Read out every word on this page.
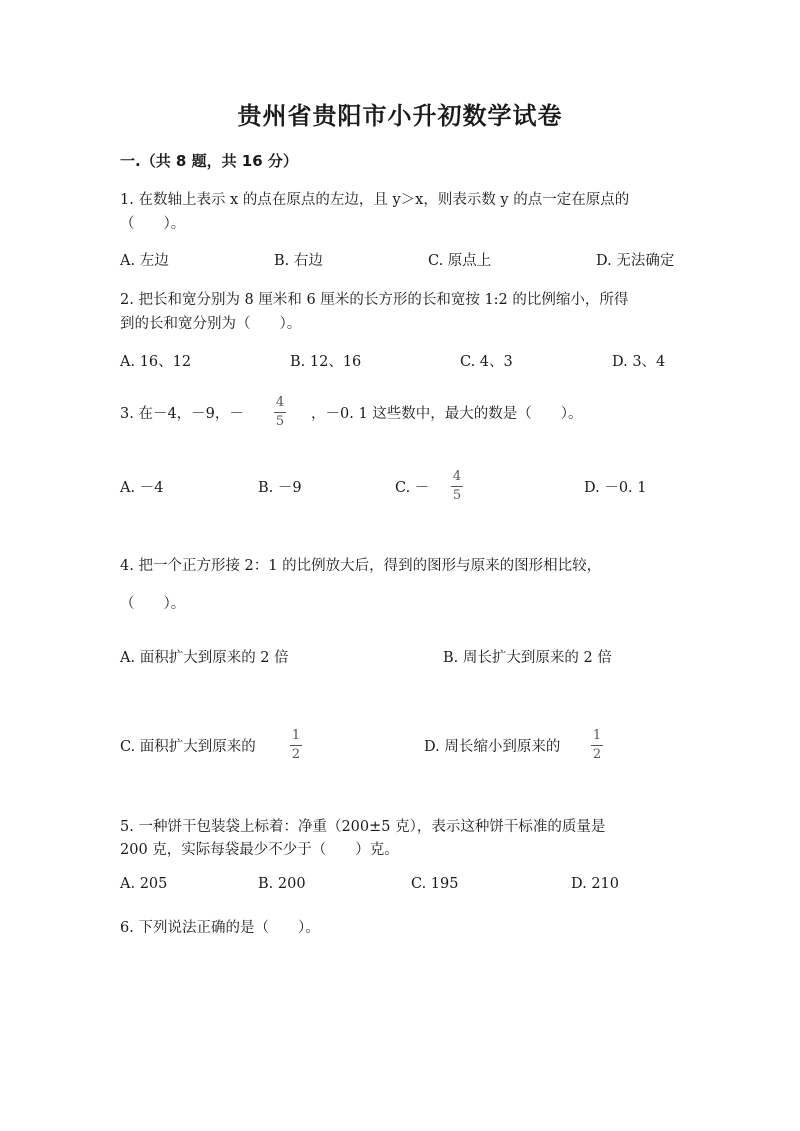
贵州省贵阳市小升初数学试卷
一.（共 8 题，共 16 分）
1. 在数轴上表示 x 的点在原点的左边，且 y＞x，则表示数 y 的点一定在原点的
（　　）。
A. 左边	B. 右边	C. 原点上	D. 无法确定
2. 把长和宽分别为 8 厘米和 6 厘米的长方形的长和宽按 1:2 的比例缩小，所得
到的长和宽分别为（　　）。
A. 16、12	B. 12、16	C. 4、3	D. 3、4
3. 在－4，－9，－
4
5 ，－0. 1 这些数中，最大的数是（　　）。
A. －4	B. －9	C. －
4
5	D. －0. 1
4. 把一个正方形接 2：1 的比例放大后，得到的图形与原来的图形相比较，
（　　）。
A. 面积扩大到原来的 2 倍	B. 周长扩大到原来的 2 倍
C. 面积扩大到原来的
1
2	D. 周长缩小到原来的
1
2
5. 一种饼干包装袋上标着：净重（200±5 克），表示这种饼干标准的质量是
200 克，实际每袋最少不少于（　　）克。
A. 205	B. 200	C. 195	D. 210
6. 下列说法正确的是（　　）。
